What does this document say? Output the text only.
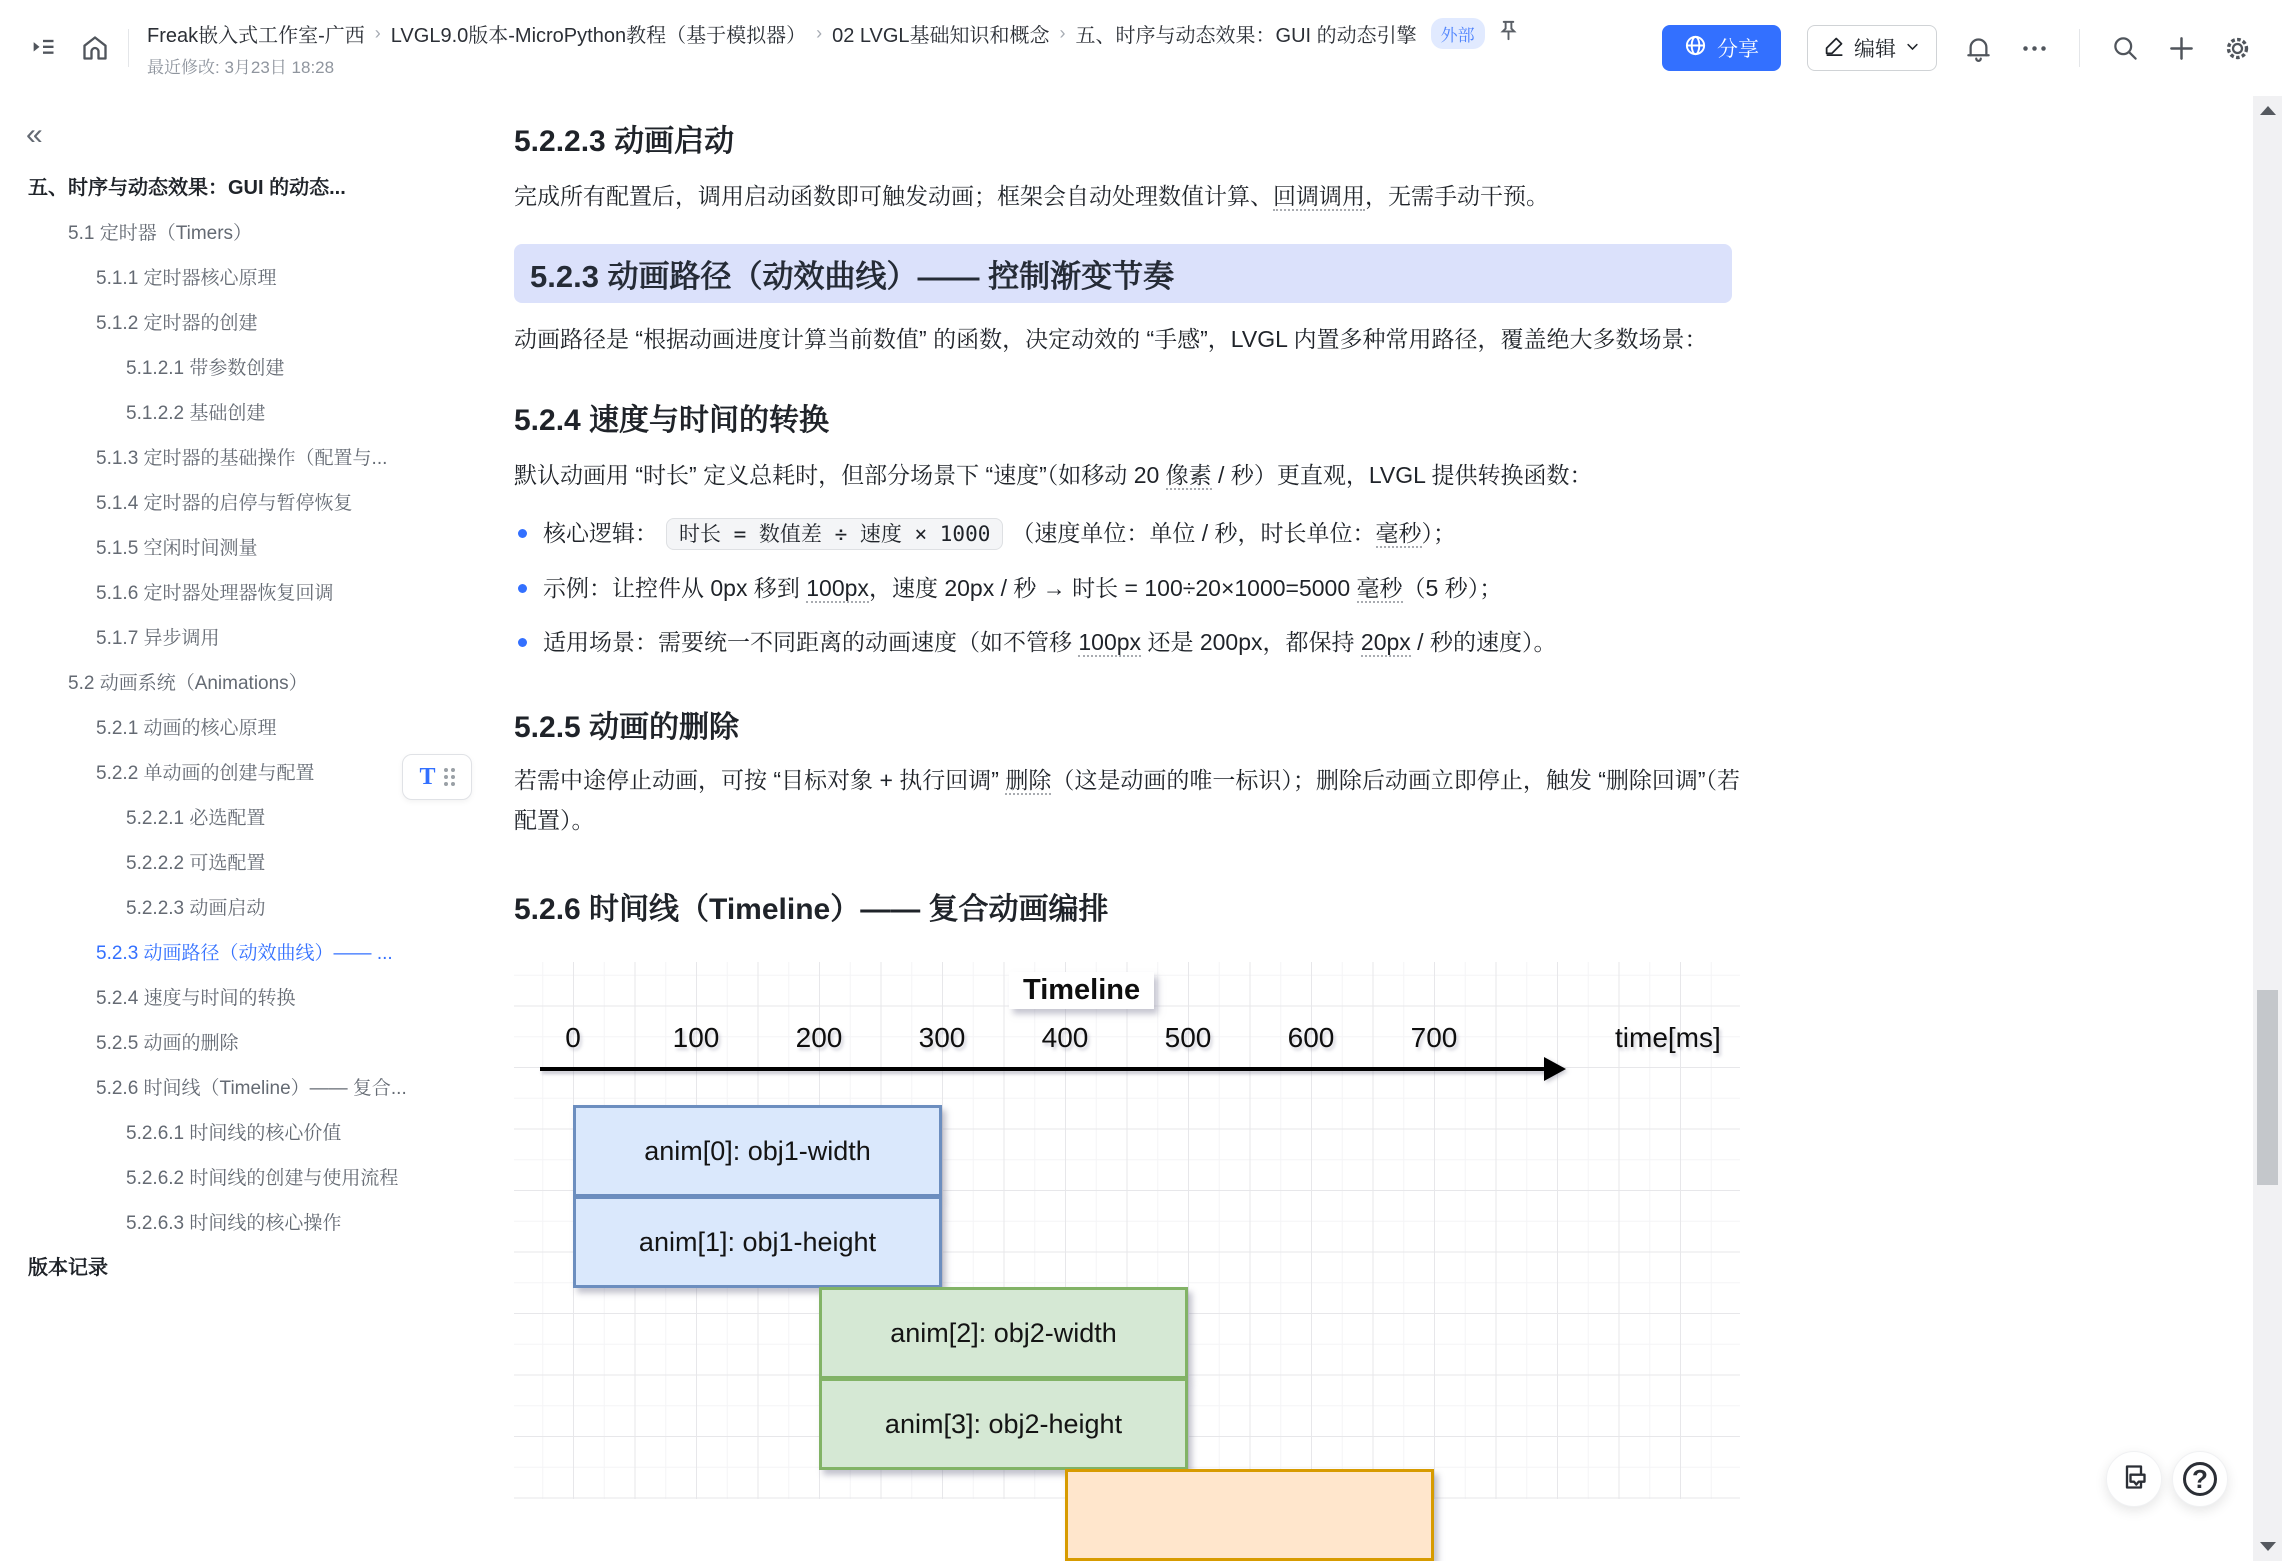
Freak嵌入式工作室-广西 › LVGL9.0版本-MicroPython教程（基于模拟器） › 02 LVGL基础知识和概念 › 五、时序与动态效果：GUI 的动态引擎	外部
最近修改: 3月23日 18:28
分享	编辑
«
五、时序与动态效果：GUI 的动态...
5.1 定时器（Timers）
5.1.1 定时器核心原理
5.1.2 定时器的创建
5.1.2.1 带参数创建
5.1.2.2 基础创建
5.1.3 定时器的基础操作（配置与...
5.1.4 定时器的启停与暂停恢复
5.1.5 空闲时间测量
5.1.6 定时器处理器恢复回调
5.1.7 异步调用
5.2 动画系统（Animations）
5.2.1 动画的核心原理
5.2.2 单动画的创建与配置
5.2.2.1 必选配置
5.2.2.2 可选配置
5.2.2.3 动画启动
5.2.3 动画路径（动效曲线）—— ...
5.2.4 速度与时间的转换
5.2.5 动画的删除
5.2.6 时间线（Timeline）—— 复合...
5.2.6.1 时间线的核心价值
5.2.6.2 时间线的创建与使用流程
5.2.6.3 时间线的核心操作
版本记录
5.2.2.3 动画启动

完成所有配置后，调用启动函数即可触发动画；框架会自动处理数值计算、回调调用，无需手动干预。

5.2.3 动画路径（动效曲线）—— 控制渐变节奏

动画路径是 “根据动画进度计算当前数值” 的函数，决定动效的 “手感”，LVGL 内置多种常用路径，覆盖绝大多数场景：

5.2.4 速度与时间的转换

默认动画用 “时长” 定义总耗时，但部分场景下 “速度”（如移动 20 像素 / 秒）更直观，LVGL 提供转换函数：

核心逻辑： 时长 = 数值差 ÷ 速度 × 1000 （速度单位：单位 / 秒，时长单位：毫秒）；
示例：让控件从 0px 移到 100px，速度 20px / 秒 → 时长 = 100÷20×1000=5000 毫秒（5 秒）；
适用场景：需要统一不同距离的动画速度（如不管移 100px 还是 200px，都保持 20px / 秒的速度）。
5.2.5 动画的删除
T	若需中途停止动画，可按 “目标对象 + 执行回调” 删除（这是动画的唯一标识）；删除后动画立即停止，触发 “删除回调”（若配置）。

5.2.6 时间线（Timeline）—— 复合动画编排
Timeline
0	100	200	300	400	500	600	700	time[ms]
anim[0]: obj1-width
anim[1]: obj1-height
anim[2]: obj2-width
anim[3]: obj2-height
?
